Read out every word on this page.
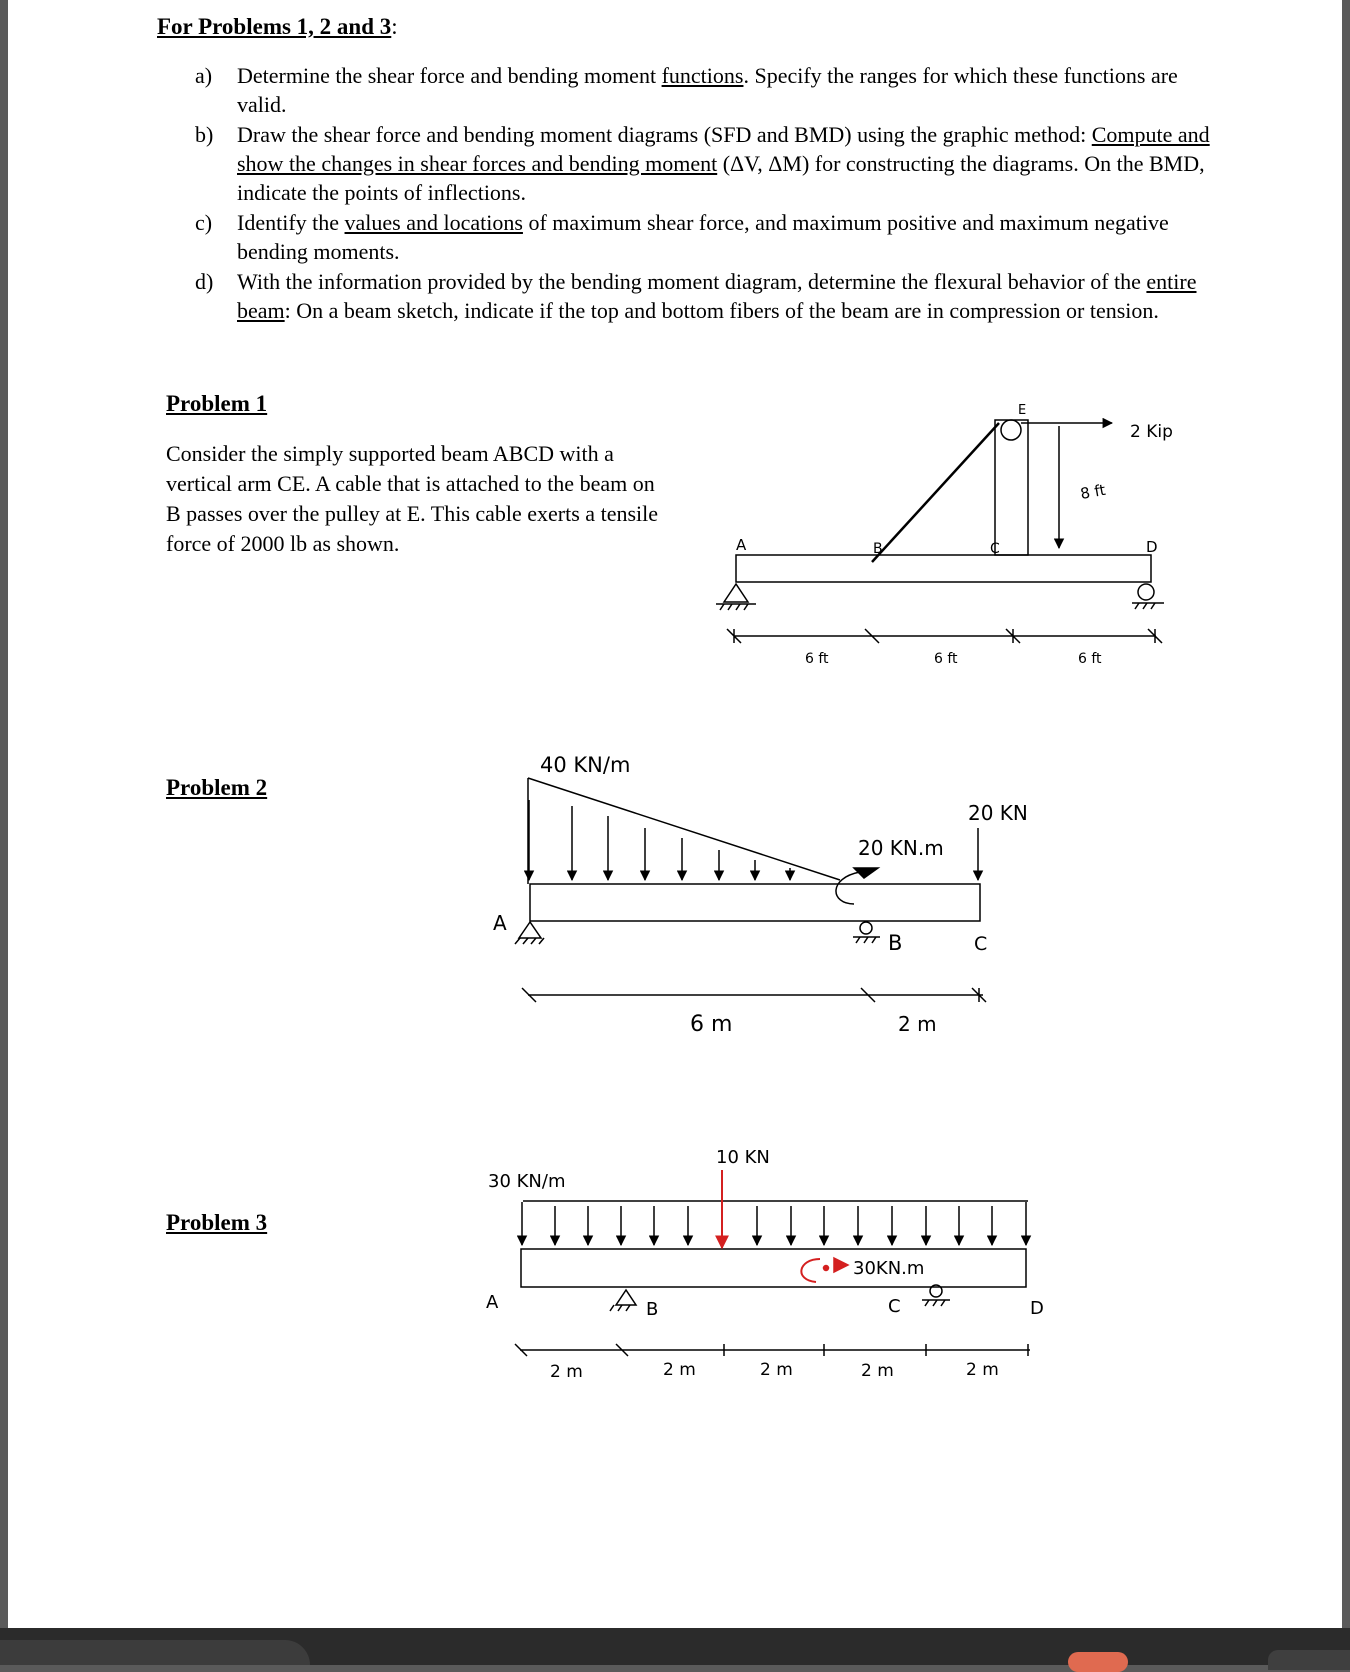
For Problems 1, 2 and 3:
a) Determine the shear force and bending moment functions. Specify the ranges for which these functions are valid.
b) Draw the shear force and bending moment diagrams (SFD and BMD) using the graphic method: Compute and show the changes in shear forces and bending moment (ΔV, ΔM) for constructing the diagrams. On the BMD, indicate the points of inflections.
c) Identify the values and locations of maximum shear force, and maximum positive and maximum negative bending moments.
d) With the information provided by the bending moment diagram, determine the flexural behavior of the entire beam: On a beam sketch, indicate if the top and bottom fibers of the beam are in compression or tension.
Problem 1
Problem 2
Problem 3
Consider the simply supported beam ABCD with a vertical arm CE. A cable that is attached to the beam on B passes over the pulley at E. This cable exerts a tensile force of 2000 lb as shown.	A	B	C	D
E
2 Kip
8 ft
6 ft	6 ft	6 ft
40 KN/m
20 KN.m
20 KN
A
B	C
6 m	2 m
30 KN/m
10 KN
30KN.m
A	B	C	D
2 m	2 m	2 m	2 m	2 m
